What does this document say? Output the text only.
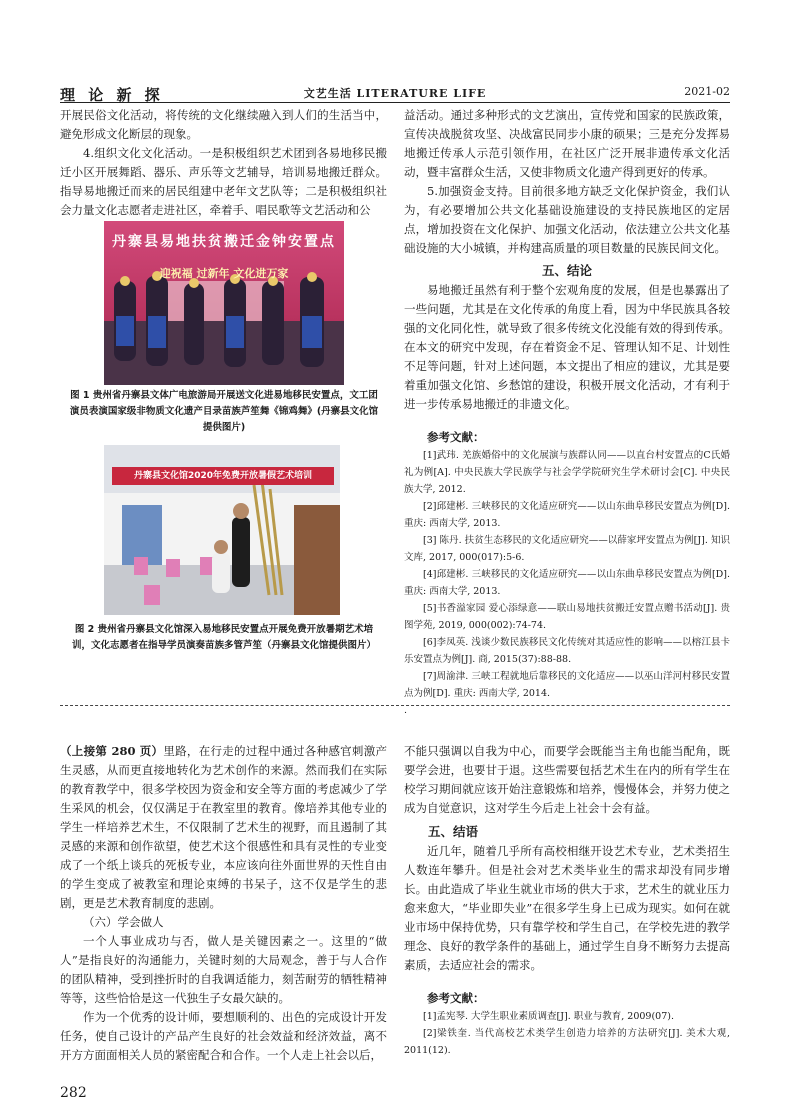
理 论 新 探	文艺生活 LITERATURE LIFE	2021-02

开展民俗文化活动，将传统的文化继续融入到人们的生活当中，避免形成文化断层的现象。

4.组织文化文化活动。一是积极组织艺术团到各易地移民搬迁小区开展舞蹈、器乐、声乐等文艺辅导，培训易地搬迁群众。指导易地搬迁而来的居民组建中老年文艺队等；二是积极组织社会力量文化志愿者走进社区，牵着手、唱民歌等文艺活动和公

丹寨县易地扶贫搬迁金钟安置点
迎祝福 过新年 文化进万家
图 1 贵州省丹寨县文体广电旅游局开展送文化进易地移民安置点，文工团演员表演国家级非物质文化遗产目录苗族芦笙舞《锦鸡舞》(丹寨县文化馆提供图片)
丹寨县文化馆2020年免费开放暑假艺术培训
图 2 贵州省丹寨县文化馆深入易地移民安置点开展免费开放暑期艺术培训，文化志愿者在指导学员演奏苗族多管芦笙（丹寨县文化馆提供图片）

益活动。通过多种形式的文艺演出，宣传党和国家的民族政策，宣传决战脱贫攻坚、决战富民同步小康的硕果；三是充分发挥易地搬迁传承人示范引领作用，在社区广泛开展非遗传承文化活动，暨丰富群众生活，又使非物质文化遗产得到更好的传承。

5.加强资金支持。目前很多地方缺乏文化保护资金，我们认为，有必要增加公共文化基础设施建设的支持民族地区的定居点，增加投资在文化保护、加强文化活动，依法建立公共文化基础设施的大小城镇，并构建高质量的项目数量的民族民间文化。

五、结论

易地搬迁虽然有利于整个宏观角度的发展，但是也暴露出了一些问题，尤其是在文化传承的角度上看，因为中华民族具各较强的文化同化性，就导致了很多传统文化没能有效的得到传承。在本文的研究中发现，存在着资金不足、管理认知不足、计划性不足等问题，针对上述问题，本文提出了相应的建议，尤其是要着重加强文化馆、乡愁馆的建设，积极开展文化活动，才有利于进一步传承易地搬迁的非遗文化。

参考文献：

[1]武玮. 羌族婚俗中的文化展演与族群认同——以直台村安置点的C氏婚礼为例[A]. 中央民族大学民族学与社会学学院研究生学术研讨会[C]. 中央民族大学, 2012.

[2]邱建彬. 三峡移民的文化适应研究——以山东曲阜移民安置点为例[D]. 重庆: 西南大学, 2013.

[3] 陈丹. 扶贫生态移民的文化适应研究——以薛家坪安置点为例[J]. 知识文库, 2017, 000(017):5-6.

[4]邱建彬. 三峡移民的文化适应研究——以山东曲阜移民安置点为例[D]. 重庆: 西南大学, 2013.

[5]书香溢家园 爱心添绿意——联山易地扶贫搬迁安置点赠书活动[J]. 贵图学苑, 2019, 000(002):74-74.

[6]李凤英. 浅谈少数民族移民文化传统对其适应性的影响——以榕江县卡乐安置点为例[J]. 商, 2015(37):88-88.

[7]周渝津. 三峡工程就地后靠移民的文化适应——以巫山洋河村移民安置点为例[D]. 重庆: 西南大学, 2014.

.

（上接第 280 页）里路，在行走的过程中通过各种感官刺激产生灵感，从而更直接地转化为艺术创作的来源。然而我们在实际的教育教学中，很多学校因为资金和安全等方面的考虑减少了学生采风的机会，仅仅满足于在教室里的教育。像培养其他专业的学生一样培养艺术生，不仅限制了艺术生的视野，而且遏制了其灵感的来源和创作欲望，使艺术这个很感性和具有灵性的专业变成了一个纸上谈兵的死板专业，本应该向往外面世界的天性自由的学生变成了被教室和理论束缚的书呆子，这不仅是学生的悲剧，更是艺术教育制度的悲剧。

（六）学会做人

一个人事业成功与否，做人是关键因素之一。这里的“做人”是指良好的沟通能力，关键时刻的大局观念，善于与人合作的团队精神，受到挫折时的自我调适能力，刻苦耐劳的牺牲精神等等，这些恰恰是这一代独生子女最欠缺的。

作为一个优秀的设计师，要想顺利的、出色的完成设计开发任务，使自己设计的产品产生良好的社会效益和经济效益，离不开方方面面相关人员的紧密配合和合作。一个人走上社会以后，

不能只强调以自我为中心，而要学会既能当主角也能当配角，既要学会进，也要甘于退。这些需要包括艺术生在内的所有学生在校学习期间就应该开始注意锻炼和培养，慢慢体会，并努力使之成为自觉意识，这对学生今后走上社会十会有益。

五、结语

近几年，随着几乎所有高校相继开设艺术专业，艺术类招生人数连年攀升。但是社会对艺术类毕业生的需求却没有同步增长。由此造成了毕业生就业市场的供大于求，艺术生的就业压力愈来愈大，“毕业即失业”在很多学生身上已成为现实。如何在就业市场中保持优势，只有靠学校和学生自己，在学校先进的教学理念、良好的教学条件的基础上，通过学生自身不断努力去提高素质，去适应社会的需求。

参考文献：

[1]孟宪琴. 大学生职业素质调查[J]. 职业与教育, 2009(07).

[2]梁铁奎. 当代高校艺术类学生创造力培养的方法研究[J]. 美术大观, 2011(12).

282
